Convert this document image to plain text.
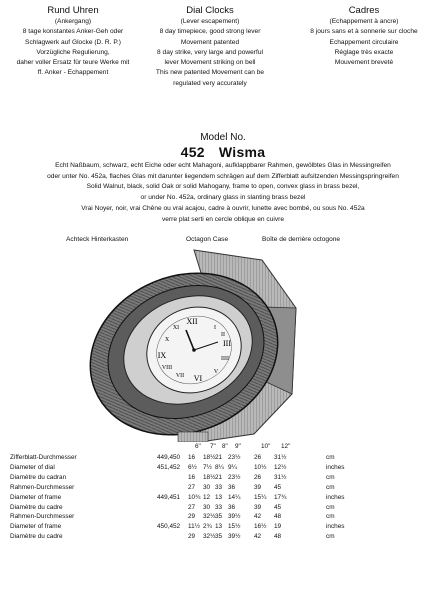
Rund Uhren
(Ankergang)
8 tage konstantes Anker-Geh oder
Schlagwerk auf Glocke (D. R. P.)
Vorzügliche Regulierung,
daher voller Ersatz für teure Werke mit
ff. Anker - Echappement
Dial Clocks
(Lever escapement)
8 day timepiece, good strong lever
Movement patented
8 day strike, very large and powerful
lever Movement striking on bell
This new patented Movement can be
regulated very accurately
Cadres
(Echappement à ancre)
8 jours sans et à sonnerie sur cloche
Echappement circulaire
Réglage très exacte
Mouvement breveté
Model No.
452 Wisma
Echt Naßbaum, schwarz, echt Eiche oder echt Mahagoni, aufklappbarer Rahmen, gewölbtes Glas in Messingreifen
oder unter No. 452a, flaches Glas mit darunter liegendem schrägen auf dem Zifferblatt aufsitzenden Messingspringreifen
Solid Walnut, black, solid Oak or solid Mahogany, frame to open, convex glass in brass bezel,
or under No. 452a, ordinary glass in slanting brass bezel
Vrai Noyer, noir, vrai Chêne ou vrai acajou, cadre à ouvrir, lunette avec bombé, ou sous No. 452a
verre plat serti en cercle oblique en cuivre
Achteck Hinterkasten	Octagon Case	Boîte de derrière octogone
XII
III
VI
IX
I
II
IIII
V
VII
VIII
X
XI
6" 7" 8" 9"	10" 12"
Zifferblatt-Durchmesser	449,450 16 18½ 21 23½ 26 31½	cm
Diameter of dial	451,452 6½ 7½ 8¼ 9¼	10½ 12½	inches
Diamètre du cadran	16 18½ 21 23½ 26 31½	cm
Rahmen-Durchmesser	27 30 33 36	39 45	cm
Diameter of frame	449,451 10¾ 12 13 14¼ 15¼ 17¾	inches
Diamètre du cadre	27 30 33 36	39 45	cm
Rahmen-Durchmesser	29 32½ 35 39½ 42 48	cm
Diameter of frame	450,452 11½ 2¾ 13 15½ 16½ 19	inches
Diamètre du cadre	29 32½ 35 39½ 42 48	cm
